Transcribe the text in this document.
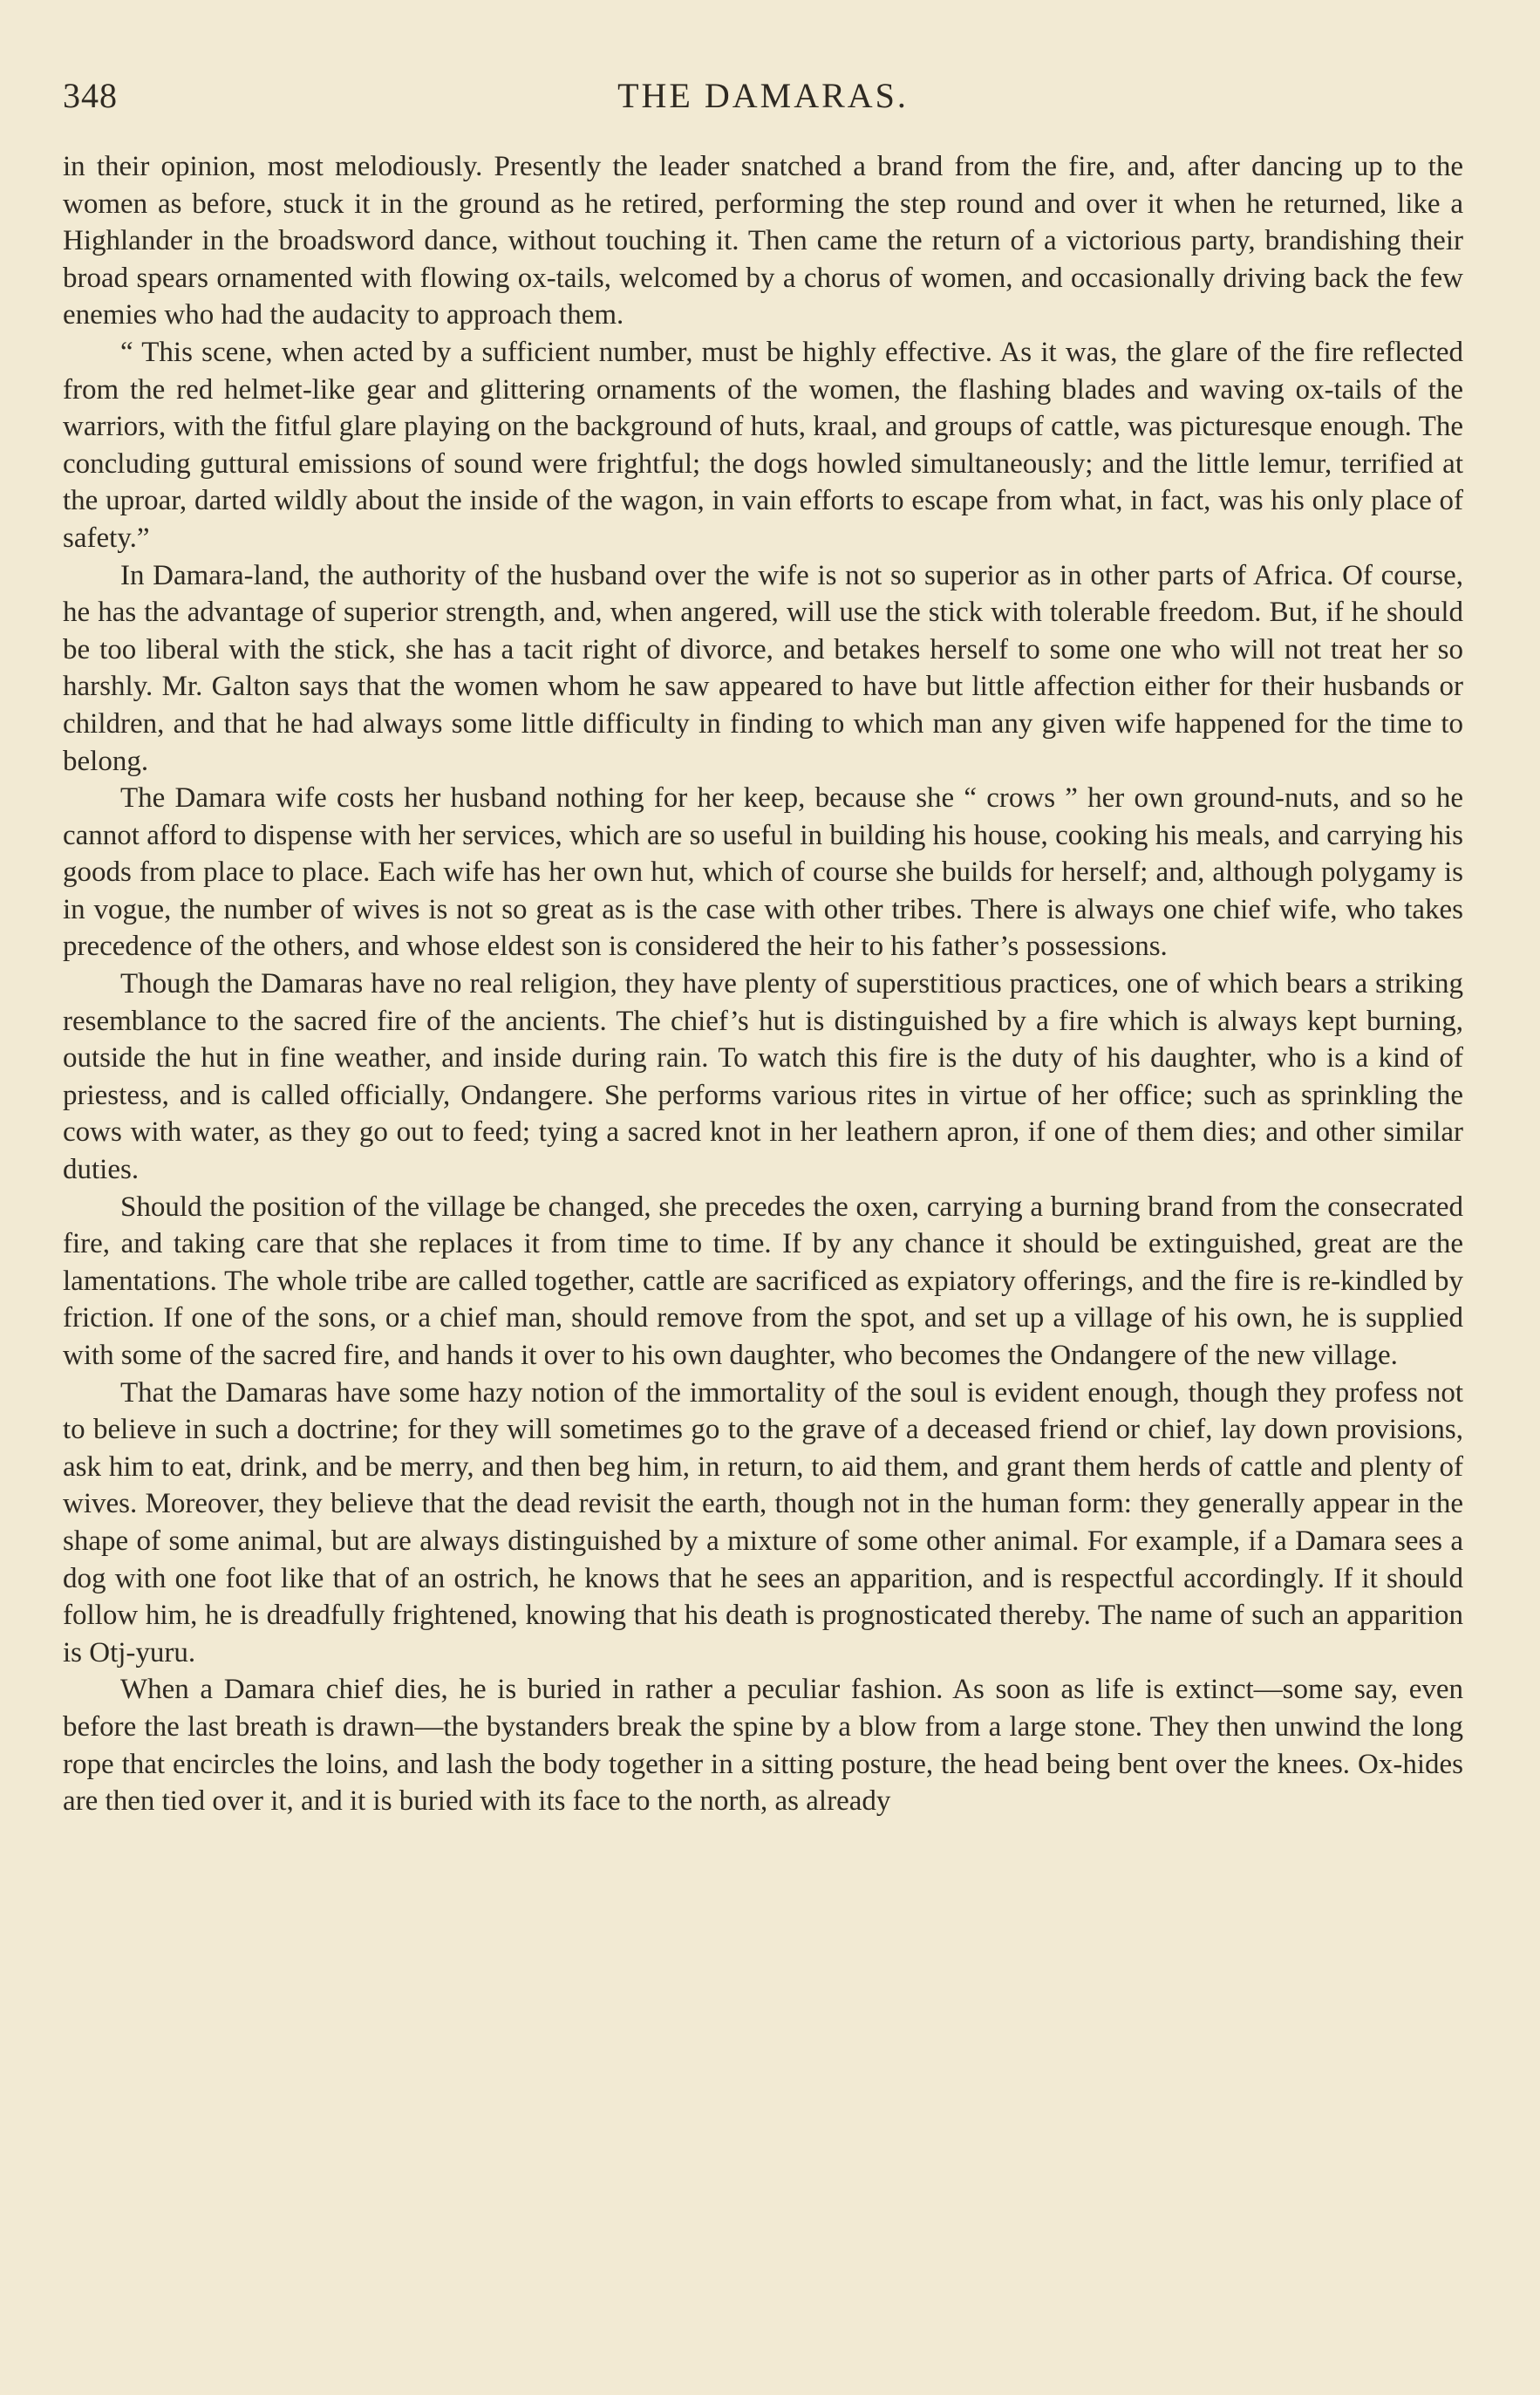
348	THE DAMARAS.

in their opinion, most melodiously. Presently the leader snatched a brand from the fire, and, after dancing up to the women as before, stuck it in the ground as he retired, performing the step round and over it when he returned, like a Highlander in the broadsword dance, without touching it. Then came the return of a victorious party, brandishing their broad spears ornamented with flowing ox-tails, welcomed by a chorus of women, and occasionally driving back the few enemies who had the audacity to approach them.

“ This scene, when acted by a sufficient number, must be highly effective. As it was, the glare of the fire reflected from the red helmet-like gear and glittering ornaments of the women, the flashing blades and waving ox-tails of the warriors, with the fitful glare playing on the background of huts, kraal, and groups of cattle, was picturesque enough. The concluding guttural emissions of sound were frightful; the dogs howled simultaneously; and the little lemur, terrified at the uproar, darted wildly about the inside of the wagon, in vain efforts to escape from what, in fact, was his only place of safety.”

In Damara-land, the authority of the husband over the wife is not so superior as in other parts of Africa. Of course, he has the advantage of superior strength, and, when angered, will use the stick with tolerable freedom. But, if he should be too liberal with the stick, she has a tacit right of divorce, and betakes herself to some one who will not treat her so harshly. Mr. Galton says that the women whom he saw appeared to have but little affection either for their husbands or children, and that he had always some little difficulty in finding to which man any given wife happened for the time to belong.

The Damara wife costs her husband nothing for her keep, because she “ crows ” her own ground-nuts, and so he cannot afford to dispense with her services, which are so useful in building his house, cooking his meals, and carrying his goods from place to place. Each wife has her own hut, which of course she builds for herself; and, although polygamy is in vogue, the number of wives is not so great as is the case with other tribes. There is always one chief wife, who takes precedence of the others, and whose eldest son is considered the heir to his father’s possessions.

Though the Damaras have no real religion, they have plenty of superstitious practices, one of which bears a striking resemblance to the sacred fire of the ancients. The chief’s hut is distinguished by a fire which is always kept burning, outside the hut in fine weather, and inside during rain. To watch this fire is the duty of his daughter, who is a kind of priestess, and is called officially, Ondangere. She performs various rites in virtue of her office; such as sprinkling the cows with water, as they go out to feed; tying a sacred knot in her leathern apron, if one of them dies; and other similar duties.

Should the position of the village be changed, she precedes the oxen, carrying a burning brand from the consecrated fire, and taking care that she replaces it from time to time. If by any chance it should be extinguished, great are the lamentations. The whole tribe are called together, cattle are sacrificed as expiatory offerings, and the fire is re-kindled by friction. If one of the sons, or a chief man, should remove from the spot, and set up a village of his own, he is supplied with some of the sacred fire, and hands it over to his own daughter, who becomes the Ondangere of the new village.

That the Damaras have some hazy notion of the immortality of the soul is evident enough, though they profess not to believe in such a doctrine; for they will sometimes go to the grave of a deceased friend or chief, lay down provisions, ask him to eat, drink, and be merry, and then beg him, in return, to aid them, and grant them herds of cattle and plenty of wives. Moreover, they believe that the dead revisit the earth, though not in the human form: they generally appear in the shape of some animal, but are always distinguished by a mixture of some other animal. For example, if a Damara sees a dog with one foot like that of an ostrich, he knows that he sees an apparition, and is respectful accordingly. If it should follow him, he is dreadfully frightened, knowing that his death is prognosticated thereby. The name of such an apparition is Otj-yuru.

When a Damara chief dies, he is buried in rather a peculiar fashion. As soon as life is extinct—some say, even before the last breath is drawn—the bystanders break the spine by a blow from a large stone. They then unwind the long rope that encircles the loins, and lash the body together in a sitting posture, the head being bent over the knees. Ox-hides are then tied over it, and it is buried with its face to the north, as already
